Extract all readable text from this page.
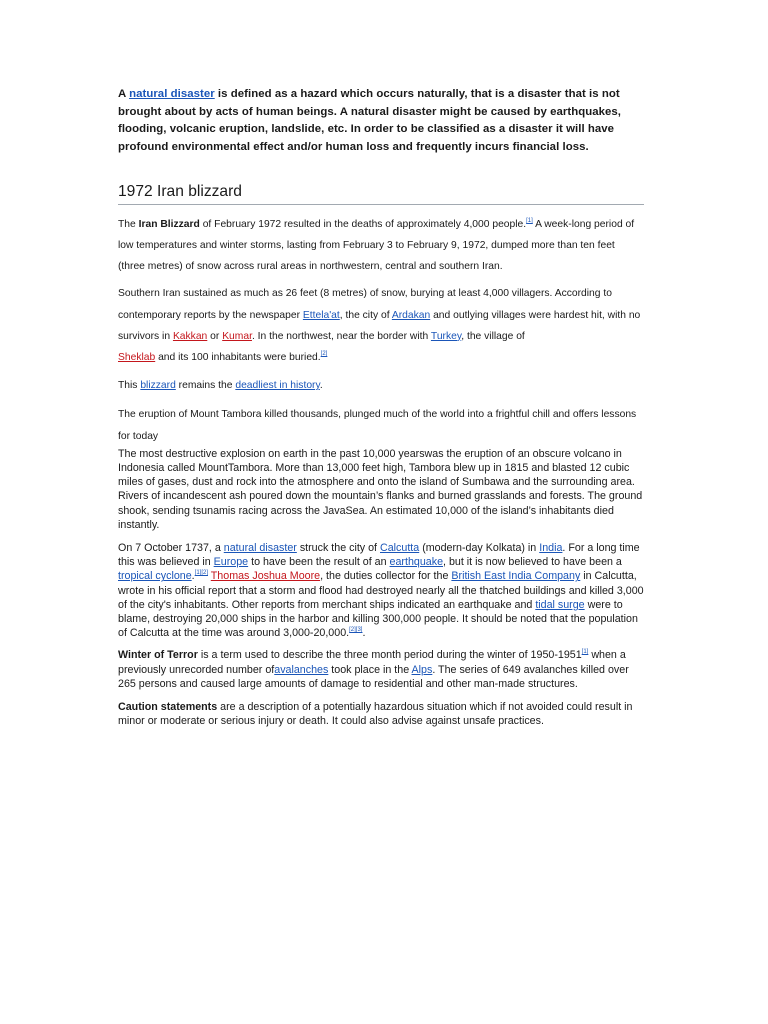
A natural disaster is defined as a hazard which occurs naturally, that is a disaster that is not brought about by acts of human beings. A natural disaster might be caused by earthquakes, flooding, volcanic eruption, landslide, etc. In order to be classified as a disaster it will have profound environmental effect and/or human loss and frequently incurs financial loss.

1972 Iran blizzard

The Iran Blizzard of February 1972 resulted in the deaths of approximately 4,000 people.[1] A week-long period of low temperatures and winter storms, lasting from February 3 to February 9, 1972, dumped more than ten feet (three metres) of snow across rural areas in northwestern, central and southern Iran.

Southern Iran sustained as much as 26 feet (8 metres) of snow, burying at least 4,000 villagers. According to contemporary reports by the newspaper Ettela'at, the city of Ardakan and outlying villages were hardest hit, with no survivors in Kakkan or Kumar. In the northwest, near the border with Turkey, the village of
Sheklab and its 100 inhabitants were buried.[2]

This blizzard remains the deadliest in history.

The eruption of Mount Tambora killed thousands, plunged much of the world into a frightful chill and offers lessons for today

The most destructive explosion on earth in the past 10,000 yearswas the eruption of an obscure volcano in Indonesia called MountTambora. More than 13,000 feet high, Tambora blew up in 1815 and blasted 12 cubic miles of gases, dust and rock into the atmosphere and onto the island of Sumbawa and the surrounding area. Rivers of incandescent ash poured down the mountain’s flanks and burned grasslands and forests. The ground shook, sending tsunamis racing across the JavaSea. An estimated 10,000 of the island’s inhabitants died instantly.

On 7 October 1737, a natural disaster struck the city of Calcutta (modern-day Kolkata) in India. For a long time this was believed in Europe to have been the result of an earthquake, but it is now believed to have been a tropical cyclone.[1][2] Thomas Joshua Moore, the duties collector for the British East India Company in Calcutta, wrote in his official report that a storm and flood had destroyed nearly all the thatched buildings and killed 3,000 of the city's inhabitants. Other reports from merchant ships indicated an earthquake and tidal surge were to blame, destroying 20,000 ships in the harbor and killing 300,000 people. It should be noted that the population of Calcutta at the time was around 3,000-20,000.[2][3].

Winter of Terror is a term used to describe the three month period during the winter of 1950-1951[1] when a previously unrecorded number ofavalanches took place in the Alps. The series of 649 avalanches killed over 265 persons and caused large amounts of damage to residential and other man-made structures.

Caution statements are a description of a potentially hazardous situation which if not avoided could result in minor or moderate or serious injury or death. It could also advise against unsafe practices.
